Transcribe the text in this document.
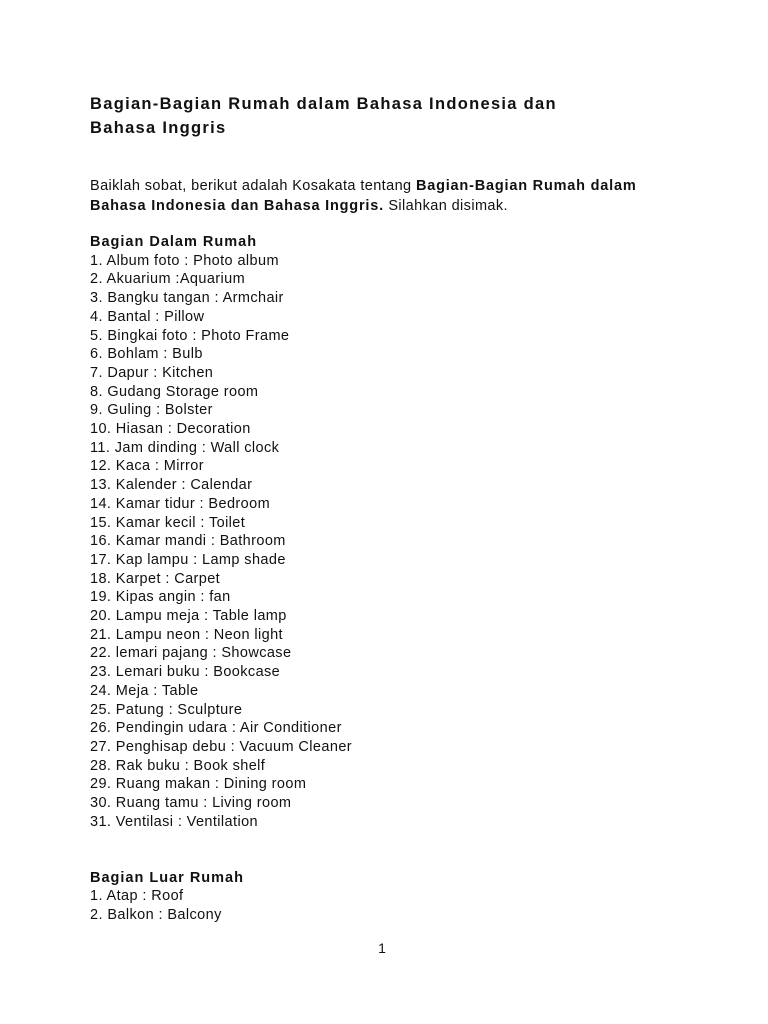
Bagian-Bagian Rumah dalam Bahasa Indonesia dan
Bahasa Inggris

Baiklah sobat, berikut adalah Kosakata tentang Bagian-Bagian Rumah dalam Bahasa Indonesia dan Bahasa Inggris. Silahkan disimak.

Bagian Dalam Rumah
1. Album foto : Photo album
2. Akuarium :Aquarium
3. Bangku tangan : Armchair
4. Bantal : Pillow
5. Bingkai foto : Photo Frame
6. Bohlam : Bulb
7. Dapur : Kitchen
8. Gudang Storage room
9. Guling : Bolster
10. Hiasan : Decoration
11. Jam dinding : Wall clock
12. Kaca : Mirror
13. Kalender : Calendar
14. Kamar tidur : Bedroom
15. Kamar kecil : Toilet
16. Kamar mandi : Bathroom
17. Kap lampu : Lamp shade
18. Karpet : Carpet
19. Kipas angin : fan
20. Lampu meja : Table lamp
21. Lampu neon : Neon light
22. lemari pajang : Showcase
23. Lemari buku : Bookcase
24. Meja : Table
25. Patung : Sculpture
26. Pendingin udara : Air Conditioner
27. Penghisap debu : Vacuum Cleaner
28. Rak buku : Book shelf
29. Ruang makan : Dining room
30. Ruang tamu : Living room
31. Ventilasi : Ventilation
Bagian Luar Rumah
1. Atap : Roof
2. Balkon : Balcony
1
